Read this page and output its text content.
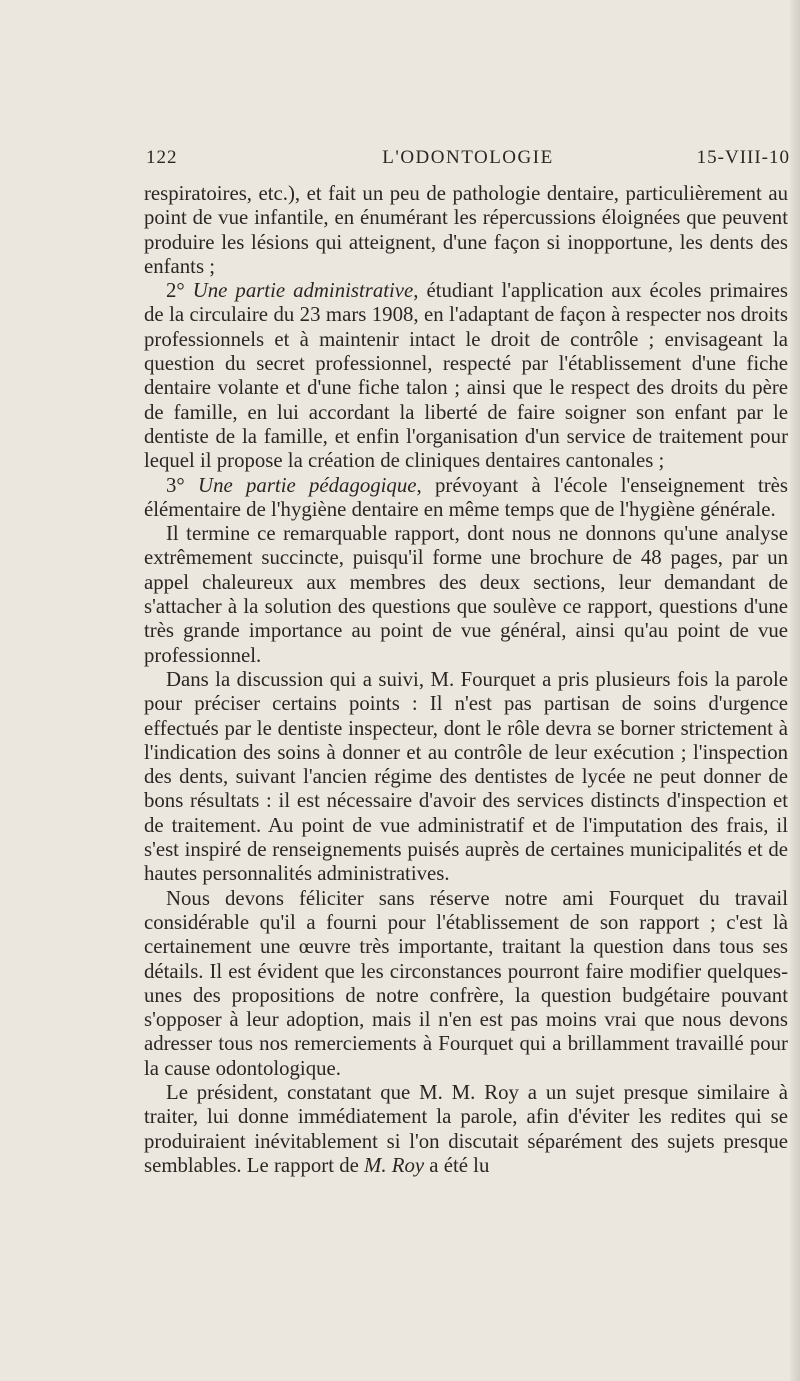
122	L'ODONTOLOGIE	15-VIII-10

respiratoires, etc.), et fait un peu de pathologie dentaire, particulièrement au point de vue infantile, en énumérant les répercussions éloignées que peuvent produire les lésions qui atteignent, d'une façon si inopportune, les dents des enfants ;

2° Une partie administrative, étudiant l'application aux écoles primaires de la circulaire du 23 mars 1908, en l'adaptant de façon à respecter nos droits professionnels et à maintenir intact le droit de contrôle ; envisageant la question du secret professionnel, respecté par l'établissement d'une fiche dentaire volante et d'une fiche talon ; ainsi que le respect des droits du père de famille, en lui accordant la liberté de faire soigner son enfant par le dentiste de la famille, et enfin l'organisation d'un service de traitement pour lequel il propose la création de cliniques dentaires cantonales ;

3° Une partie pédagogique, prévoyant à l'école l'enseignement très élémentaire de l'hygiène dentaire en même temps que de l'hygiène générale.

Il termine ce remarquable rapport, dont nous ne donnons qu'une analyse extrêmement succincte, puisqu'il forme une brochure de 48 pages, par un appel chaleureux aux membres des deux sections, leur demandant de s'attacher à la solution des questions que soulève ce rapport, questions d'une très grande importance au point de vue général, ainsi qu'au point de vue professionnel.

Dans la discussion qui a suivi, M. Fourquet a pris plusieurs fois la parole pour préciser certains points : Il n'est pas partisan de soins d'urgence effectués par le dentiste inspecteur, dont le rôle devra se borner strictement à l'indication des soins à donner et au contrôle de leur exécution ; l'inspection des dents, suivant l'ancien régime des dentistes de lycée ne peut donner de bons résultats : il est nécessaire d'avoir des services distincts d'inspection et de traitement. Au point de vue administratif et de l'imputation des frais, il s'est inspiré de renseignements puisés auprès de certaines municipalités et de hautes personnalités administratives.

Nous devons féliciter sans réserve notre ami Fourquet du travail considérable qu'il a fourni pour l'établissement de son rapport ; c'est là certainement une œuvre très importante, traitant la question dans tous ses détails. Il est évident que les circonstances pourront faire modifier quelques-unes des propositions de notre confrère, la question budgétaire pouvant s'opposer à leur adoption, mais il n'en est pas moins vrai que nous devons adresser tous nos remerciements à Fourquet qui a brillamment travaillé pour la cause odontologique.

Le président, constatant que M. M. Roy a un sujet presque similaire à traiter, lui donne immédiatement la parole, afin d'éviter les redites qui se produiraient inévitablement si l'on discutait séparément des sujets presque semblables. Le rapport de M. Roy a été lu
